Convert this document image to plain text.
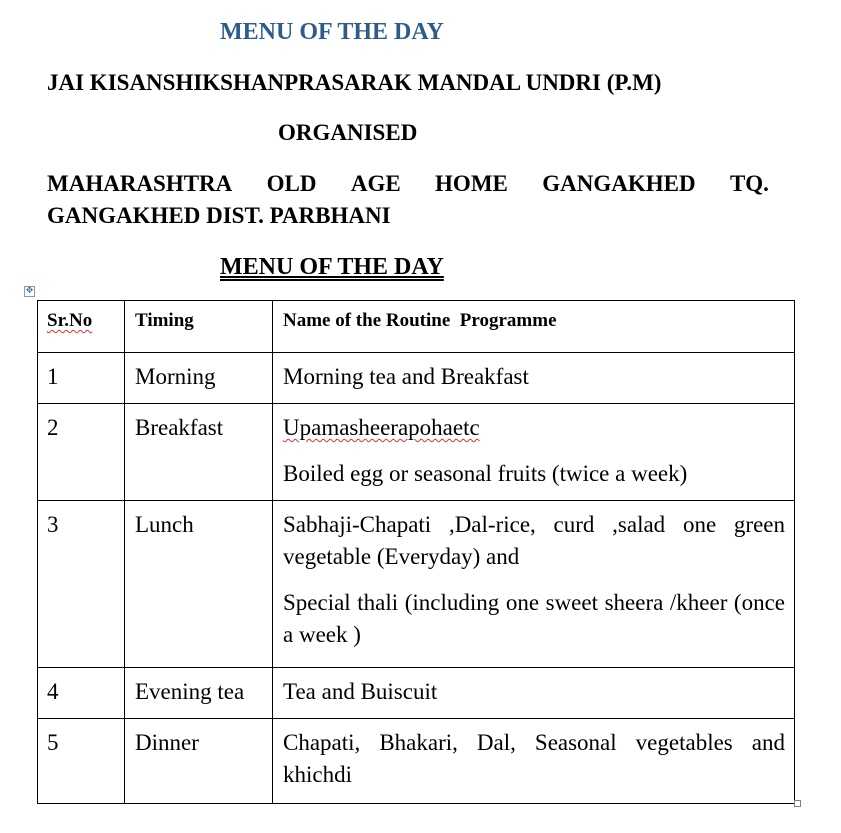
MENU OF THE DAY

JAI KISANSHIKSHANPRASARAK MANDAL UNDRI (P.M)

ORGANISED

MAHARASHTRA OLD AGE HOME GANGAKHED TQ.

GANGAKHED DIST. PARBHANI

MENU OF THE DAY

✥
Sr.No	Timing	Name of the Routine  Programme
1	Morning	Morning tea and Breakfast

2	Breakfast	Upamasheerapohaetc

Boiled egg or seasonal fruits (twice a week)

3	Lunch	Sabhaji-Chapati ,Dal-rice, curd ,salad one green vegetable (Everyday) and

Special thali (including one sweet sheera /kheer (once a week )

4	Evening tea	Tea and Buiscuit

5	Dinner	Chapati, Bhakari, Dal, Seasonal vegetables and khichdi
